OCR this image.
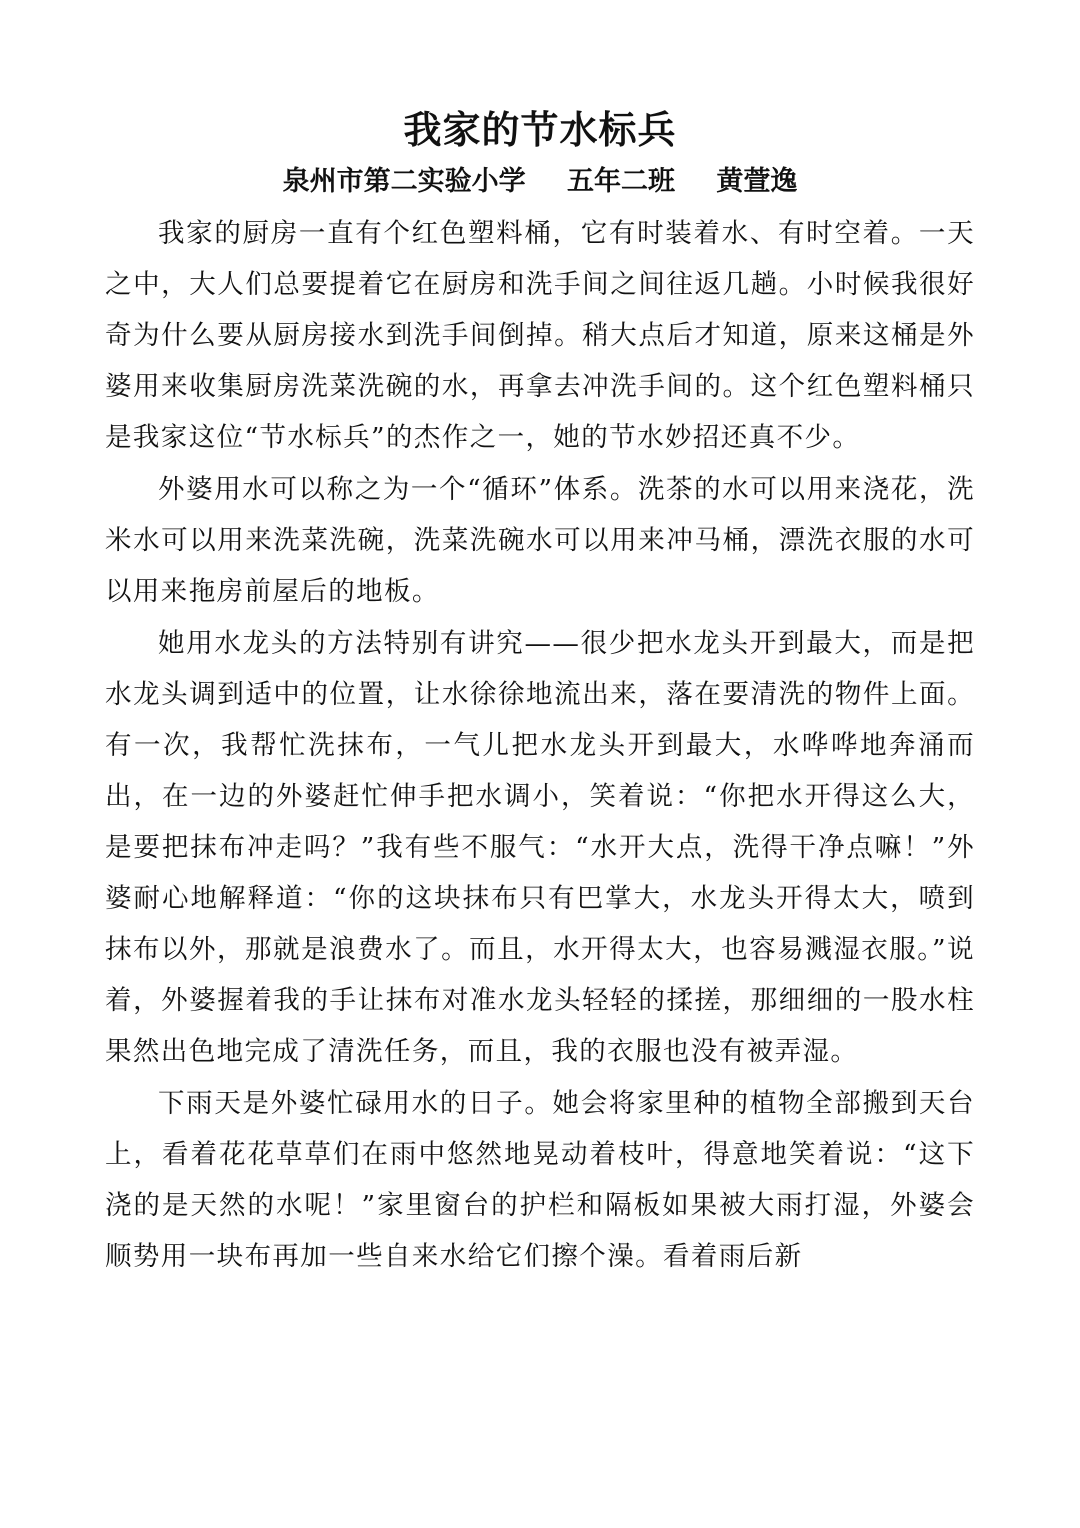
我家的节水标兵
泉州市第二实验小学 五年二班 黄萱逸

我家的厨房一直有个红色塑料桶，它有时装着水、有时空着。一天之中，大人们总要提着它在厨房和洗手间之间往返几趟。小时候我很好奇为什么要从厨房接水到洗手间倒掉。稍大点后才知道，原来这桶是外婆用来收集厨房洗菜洗碗的水，再拿去冲洗手间的。这个红色塑料桶只是我家这位“节水标兵”的杰作之一，她的节水妙招还真不少。

外婆用水可以称之为一个“循环”体系。洗茶的水可以用来浇花，洗米水可以用来洗菜洗碗，洗菜洗碗水可以用来冲马桶，漂洗衣服的水可以用来拖房前屋后的地板。

她用水龙头的方法特别有讲究——很少把水龙头开到最大，而是把水龙头调到适中的位置，让水徐徐地流出来，落在要清洗的物件上面。有一次，我帮忙洗抹布，一气儿把水龙头开到最大，水哗哗地奔涌而出，在一边的外婆赶忙伸手把水调小，笑着说：“你把水开得这么大，是要把抹布冲走吗？”我有些不服气：“水开大点，洗得干净点嘛！”外婆耐心地解释道：“你的这块抹布只有巴掌大，水龙头开得太大，喷到抹布以外，那就是浪费水了。而且，水开得太大，也容易溅湿衣服。”说着，外婆握着我的手让抹布对准水龙头轻轻的揉搓，那细细的一股水柱果然出色地完成了清洗任务，而且，我的衣服也没有被弄湿。

下雨天是外婆忙碌用水的日子。她会将家里种的植物全部搬到天台上，看着花花草草们在雨中悠然地晃动着枝叶，得意地笑着说：“这下浇的是天然的水呢！”家里窗台的护栏和隔板如果被大雨打湿，外婆会顺势用一块布再加一些自来水给它们擦个澡。看着雨后新
